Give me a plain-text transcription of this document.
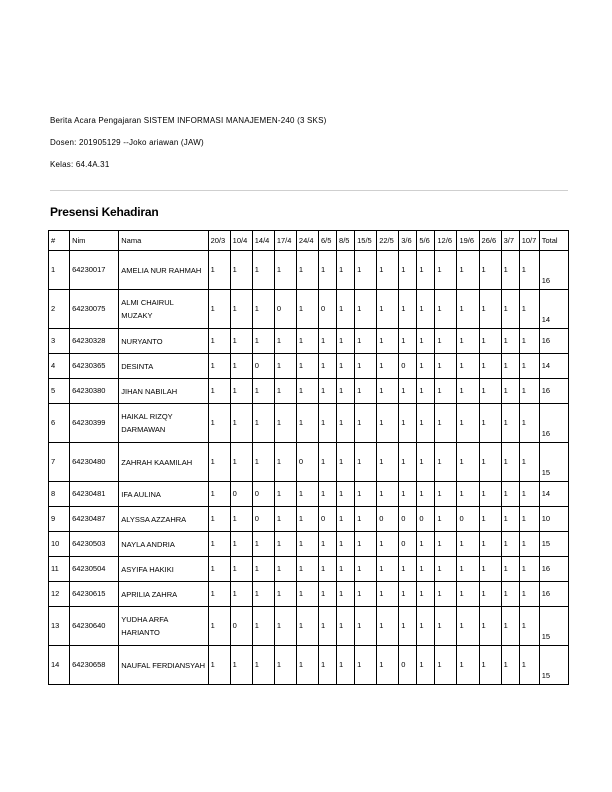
Berita Acara Pengajaran SISTEM INFORMASI MANAJEMEN-240 (3 SKS)
Dosen: 201905129 --Joko ariawan (JAW)
Kelas: 64.4A.31
Presensi Kehadiran
#	Nim	Nama	20/3	10/4	14/4	17/4	24/4	6/5	8/5	15/5	22/5	3/6	5/6	12/6	19/6	26/6	3/7	10/7	Total
1	64230017	AMELIA NUR RAHMAH	1	1	1	1	1	1	1	1	1	1	1	1	1	1	1	1	16
2	64230075	ALMI CHAIRUL MUZAKY	1	1	1	0	1	0	1	1	1	1	1	1	1	1	1	1	14
3	64230328	NURYANTO	1	1	1	1	1	1	1	1	1	1	1	1	1	1	1	1	16
4	64230365	DESINTA	1	1	0	1	1	1	1	1	1	0	1	1	1	1	1	1	14
5	64230380	JIHAN NABILAH	1	1	1	1	1	1	1	1	1	1	1	1	1	1	1	1	16
6	64230399	HAIKAL RIZQY DARMAWAN	1	1	1	1	1	1	1	1	1	1	1	1	1	1	1	1	16
7	64230480	ZAHRAH KAAMILAH	1	1	1	1	0	1	1	1	1	1	1	1	1	1	1	1	15
8	64230481	IFA AULINA	1	0	0	1	1	1	1	1	1	1	1	1	1	1	1	1	14
9	64230487	ALYSSA AZZAHRA	1	1	0	1	1	0	1	1	0	0	0	1	0	1	1	1	10
10	64230503	NAYLA ANDRIA	1	1	1	1	1	1	1	1	1	0	1	1	1	1	1	1	15
11	64230504	ASYIFA HAKIKI	1	1	1	1	1	1	1	1	1	1	1	1	1	1	1	1	16
12	64230615	APRILIA ZAHRA	1	1	1	1	1	1	1	1	1	1	1	1	1	1	1	1	16
13	64230640	YUDHA ARFA HARIANTO	1	0	1	1	1	1	1	1	1	1	1	1	1	1	1	1	15
14	64230658	NAUFAL FERDIANSYAH	1	1	1	1	1	1	1	1	1	0	1	1	1	1	1	1	15
